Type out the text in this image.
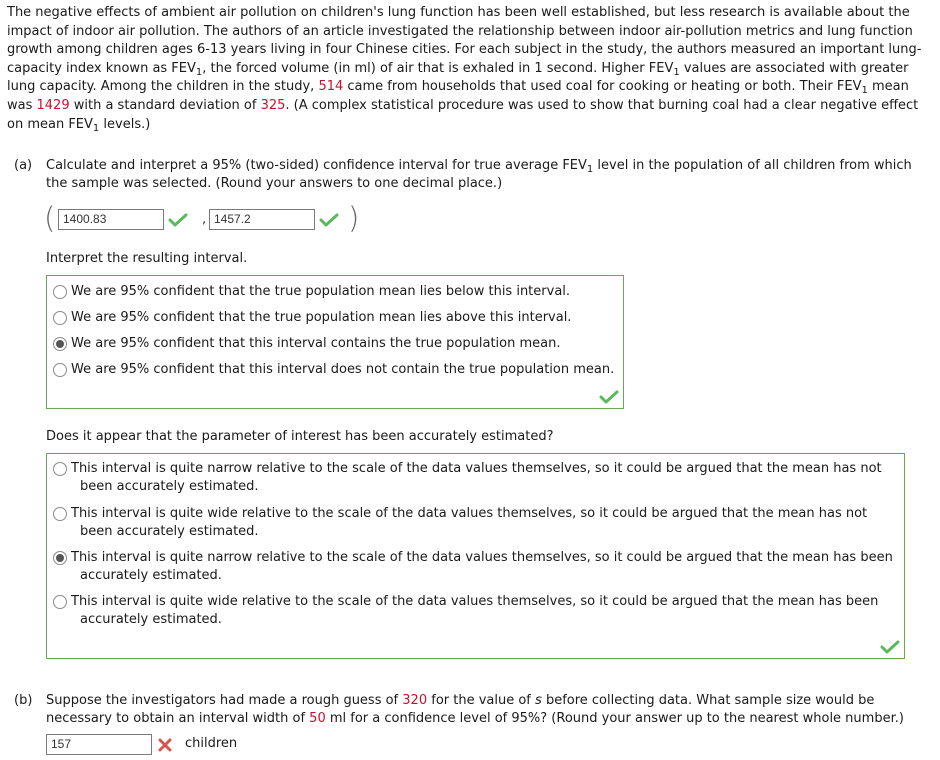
The negative effects of ambient air pollution on children's lung function has been well established, but less research is available about the impact of indoor air pollution. The authors of an article investigated the relationship between indoor air-pollution metrics and lung function growth among children ages 6-13 years living in four Chinese cities. For each subject in the study, the authors measured an important lung-capacity index known as $FEV_1$, the forced volume (in ml) of air that is exhaled in 1 second. Higher $FEV_1$ values are associated with greater lung capacity. Among the children in the study, 514 came from households that used coal for cooking or heating or both. Their $FEV_1$ mean was 1429 with a standard deviation of 325. (A complex statistical procedure was used to show that burning coal had a clear negative effect on mean $FEV_1$ levels.)
(a) Calculate and interpret a 95% (two-sided) confidence interval for true average $FEV_1$ level in the population of all children from which the sample was selected. (Round your answers to one decimal place.)
( 1400.83	, 1457.2	)
Interpret the resulting interval.
We are 95% confident that the true population mean lies below this interval.
We are 95% confident that the true population mean lies above this interval.
We are 95% confident that this interval contains the true population mean.
We are 95% confident that this interval does not contain the true population mean.
Does it appear that the parameter of interest has been accurately estimated?
This interval is quite narrow relative to the scale of the data values themselves, so it could be argued that the mean has not been accurately estimated.
This interval is quite wide relative to the scale of the data values themselves, so it could be argued that the mean has not been accurately estimated.
This interval is quite narrow relative to the scale of the data values themselves, so it could be argued that the mean has been accurately estimated.
This interval is quite wide relative to the scale of the data values themselves, so it could be argued that the mean has been accurately estimated.
(b) Suppose the investigators had made a rough guess of 320 for the value of s before collecting data. What sample size would be necessary to obtain an interval width of 50 ml for a confidence level of 95%? (Round your answer up to the nearest whole number.)
157	children
